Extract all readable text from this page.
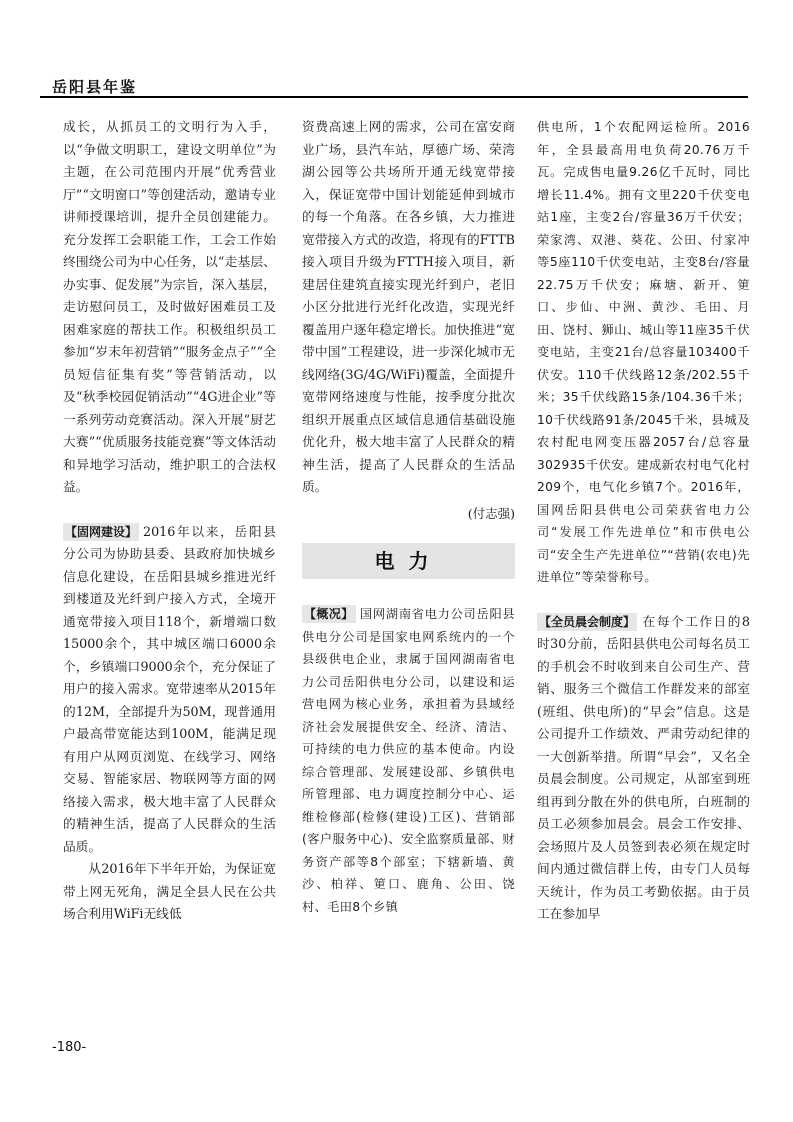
岳阳县年鉴

成长，从抓员工的文明行为入手，以“争做文明职工，建设文明单位”为主题，在公司范围内开展“优秀营业厅”“文明窗口”等创建活动，邀请专业讲师授课培训，提升全员创建能力。充分发挥工会职能工作，工会工作始终围绕公司为中心任务，以“走基层、办实事、促发展”为宗旨，深入基层，走访慰问员工，及时做好困难员工及困难家庭的帮扶工作。积极组织员工参加“岁末年初营销”“服务金点子”“全员短信征集有奖”等营销活动，以及“秋季校园促销活动”“4G进企业”等一系列劳动竞赛活动。深入开展“厨艺大赛”“优质服务技能竞赛”等文体活动和异地学习活动，维护职工的合法权益。

【固网建设】 2016年以来，岳阳县分公司为协助县委、县政府加快城乡信息化建设，在岳阳县城乡推进光纤到楼道及光纤到户接入方式，全境开通宽带接入项目118个，新增端口数15000余个，其中城区端口6000余个，乡镇端口9000余个，充分保证了用户的接入需求。宽带速率从2015年的12M，全部提升为50M，现普通用户最高带宽能达到100M，能满足现有用户从网页浏览、在线学习、网络交易、智能家居、物联网等方面的网络接入需求，极大地丰富了人民群众的精神生活，提高了人民群众的生活品质。

从2016年下半年开始，为保证宽带上网无死角，满足全县人民在公共场合利用WiFi无线低

资费高速上网的需求，公司在富安商业广场，县汽车站，厚德广场、荣湾湖公园等公共场所开通无线宽带接入，保证宽带中国计划能延伸到城市的每一个角落。在各乡镇，大力推进宽带接入方式的改造，将现有的FTTB接入项目升级为FTTH接入项目，新建居住建筑直接实现光纤到户，老旧小区分批进行光纤化改造，实现光纤覆盖用户逐年稳定增长。加快推进“宽带中国”工程建设，进一步深化城市无线网络(3G/4G/WiFi)覆盖，全面提升宽带网络速度与性能，按季度分批次组织开展重点区域信息通信基础设施优化升，极大地丰富了人民群众的精神生活，提高了人民群众的生活品质。

(付志强)
电力

【概况】 国网湖南省电力公司岳阳县供电分公司是国家电网系统内的一个县级供电企业，隶属于国网湖南省电力公司岳阳供电分公司，以建设和运营电网为核心业务，承担着为县域经济社会发展提供安全、经济、清洁、可持续的电力供应的基本使命。内设综合管理部、发展建设部、乡镇供电所管理部、电力调度控制分中心、运维检修部(检修(建设)工区)、营销部(客户服务中心)、安全监察质量部、财务资产部等8个部室；下辖新墙、黄沙、柏祥、筻口、鹿角、公田、饶村、毛田8个乡镇

供电所，1个农配网运检所。2016年，全县最高用电负荷20.76万千瓦。完成售电量9.26亿千瓦时，同比增长11.4%。拥有文里220千伏变电站1座，主变2台/容量36万千伏安；荣家湾、双港、葵花、公田、付家冲等5座110千伏变电站，主变8台/容量22.75万千伏安；麻塘、新开、筻口、步仙、中洲、黄沙、毛田、月田、饶村、狮山、城山等11座35千伏变电站，主变21台/总容量103400千伏安。110千伏线路12条/202.55千米；35千伏线路15条/104.36千米；10千伏线路91条/2045千米，县城及农村配电网变压器2057台/总容量302935千伏安。建成新农村电气化村209个，电气化乡镇7个。2016年，国网岳阳县供电公司荣获省电力公司“发展工作先进单位”和市供电公司“安全生产先进单位”“营销(农电)先进单位”等荣誉称号。

【全员晨会制度】 在每个工作日的8时30分前，岳阳县供电公司每名员工的手机会不时收到来自公司生产、营销、服务三个微信工作群发来的部室(班组、供电所)的“早会”信息。这是公司提升工作绩效、严肃劳动纪律的一大创新举措。所谓“早会”，又名全员晨会制度。公司规定，从部室到班组再到分散在外的供电所，白班制的员工必须参加晨会。晨会工作安排、会场照片及人员签到表必须在规定时间内通过微信群上传，由专门人员每天统计，作为员工考勤依据。由于员工在参加早

-180-
